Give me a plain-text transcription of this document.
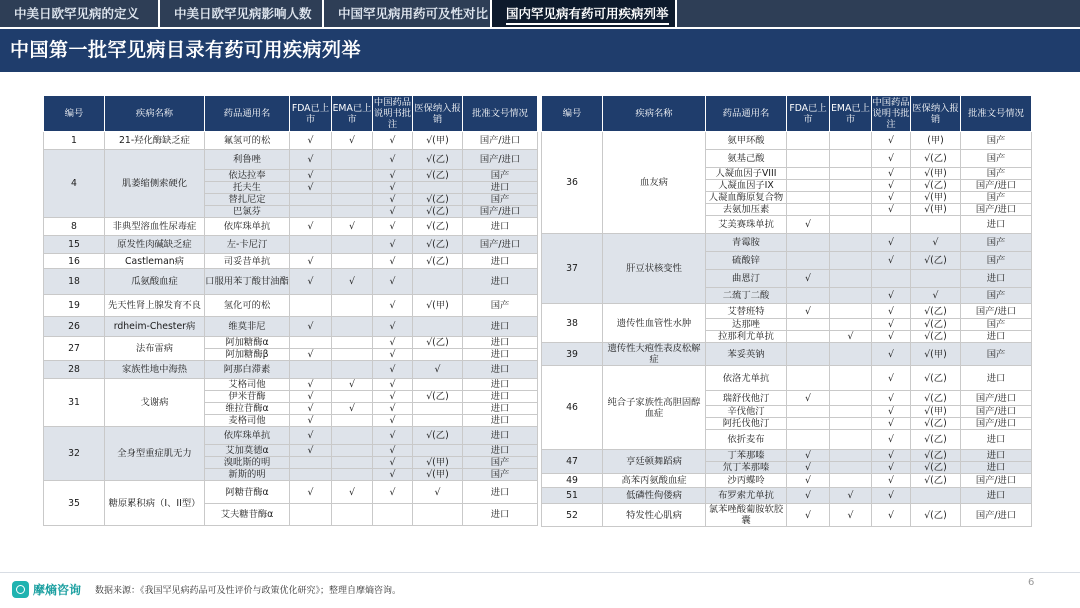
中美日欧罕见病的定义	中美日欧罕见病影响人数	中国罕见病用药可及性对比	国内罕见病有药可用疾病列举
中国第一批罕见病目录有药可用疾病列举
编号	疾病名称	药品通用名	FDA已上市	EMA已上市	中国药品说明书批注	医保纳入报销	批准文号情况
1	21-羟化酶缺乏症	氟氢可的松	√	√	√	√(甲)	国产/进口
4	肌萎缩侧索硬化	利鲁唑	√		√	√(乙)	国产/进口
		依达拉奉	√		√	√(乙)	国产
		托夫生	√		√		进口
		替扎尼定			√	√(乙)	国产
		巴氯芬			√	√(乙)	国产/进口
8	非典型溶血性尿毒症	依库珠单抗	√	√	√	√(乙)	进口
15	原发性肉碱缺乏症	左-卡尼汀			√	√(乙)	国产/进口
16	Castleman病	司妥昔单抗	√		√	√(乙)	进口
18	瓜氨酸血症	口服用苯丁酸甘油酯	√	√	√		进口
19	先天性肾上腺发育不良	氢化可的松			√	√(甲)	国产
26	rdheim-Chester病	维莫非尼	√		√		进口
27	法布雷病	阿加糖酶α			√	√(乙)	进口
		阿加糖酶β	√		√		进口
28	家族性地中海热	阿那白滞素			√	√	进口
31	戈谢病	艾格司他	√	√	√		进口
		伊米苷酶	√		√	√(乙)	进口
		维拉苷酶α	√	√	√		进口
		麦格司他	√		√		进口
32	全身型重症肌无力	依库珠单抗	√		√	√(乙)	进口
		艾加莫德α	√		√		进口
		溴吡斯的明			√	√(甲)	国产
		新斯的明			√	√(甲)	国产
35	糖原累积病（I、II型）	阿糖苷酶α	√	√	√	√	进口
		艾夫糖苷酶α					进口
编号	疾病名称	药品通用名	FDA已上市	EMA已上市	中国药品说明书批注	医保纳入报销	批准文号情况
36	血友病	氨甲环酸			√	(甲)	国产
		氨基己酸			√	√(乙)	国产
		人凝血因子VIII			√	√(甲)	国产
		人凝血因子IX			√	√(乙)	国产/进口
		人凝血酶原复合物			√	√(甲)	国产
		去氨加压素			√	√(甲)	国产/进口
		艾美赛珠单抗	√				进口
37	肝豆状核变性	青霉胺			√	√	国产
		硫酸锌			√	√(乙)	国产
		曲恩汀	√				进口
		二巯丁二酸			√	√	国产
38	遗传性血管性水肿	艾替班特	√		√	√(乙)	国产/进口
		达那唑			√	√(乙)	国产
		拉那利尤单抗		√	√	√(乙)	进口
39	遗传性大疱性表皮松解症	苯妥英钠			√	√(甲)	国产
46	纯合子家族性高胆固醇血症	依洛尤单抗			√	√(乙)	进口
		瑞舒伐他汀	√		√	√(乙)	国产/进口
		辛伐他汀			√	√(甲)	国产/进口
		阿托伐他汀			√	√(乙)	国产/进口
		依折麦布			√	√(乙)	进口
47	亨廷顿舞蹈病	丁苯那嗪	√		√	√(乙)	进口
		氘丁苯那嗪	√		√	√(乙)	进口
49	高苯丙氨酸血症	沙丙蝶呤	√		√	√(乙)	国产/进口
51	低磷性佝偻病	布罗索尤单抗	√	√	√		进口
52	特发性心肌病	氯苯唑酸葡胺软胶囊	√	√	√	√(乙)	国产/进口
摩熵咨询 数据来源：《我国罕见病药品可及性评价与政策优化研究》；整理自摩熵咨询。
6
